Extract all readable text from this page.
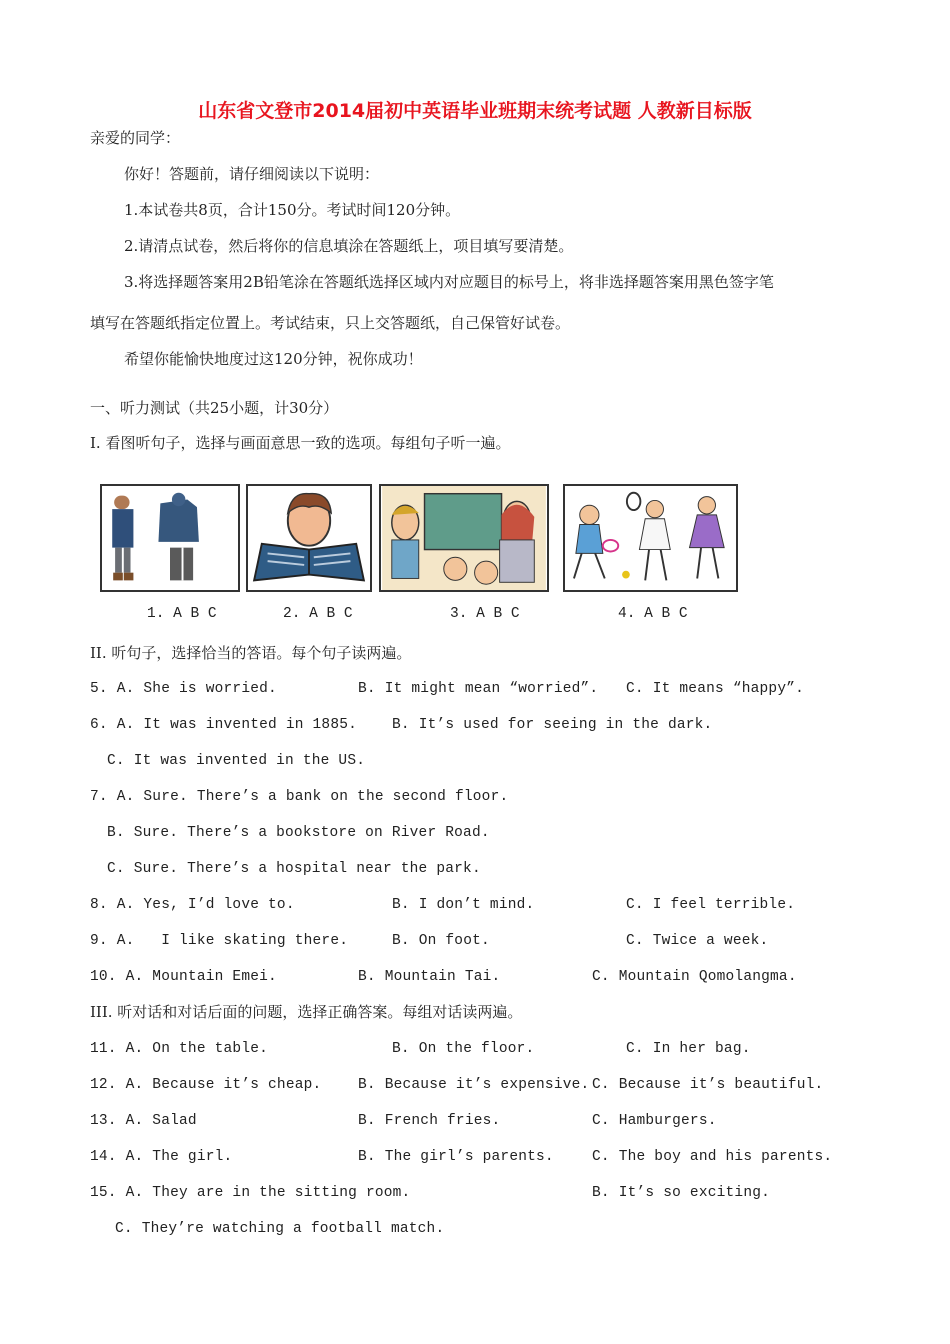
山东省文登市2014届初中英语毕业班期末统考试题 人教新目标版
亲爱的同学：
你好！答题前，请仔细阅读以下说明：
1.本试卷共8页，合计150分。考试时间120分钟。
2.请清点试卷，然后将你的信息填涂在答题纸上，项目填写要清楚。
3.将选择题答案用2B铅笔涂在答题纸选择区域内对应题目的标号上，将非选择题答案用黑色签字笔
填写在答题纸指定位置上。考试结束，只上交答题纸，自己保管好试卷。
希望你能愉快地度过这120分钟，祝你成功！
一、听力测试（共25小题，计30分）
I. 看图听句子，选择与画面意思一致的选项。每组句子听一遍。
1. A B C	2. A B C	3. A B C	4. A B C
II. 听句子，选择恰当的答语。每个句子读两遍。
5. A. She is worried.	B. It might mean “worried”. C. It means “happy”.
6. A. It was invented in 1885. B. It’s used for seeing in the dark.
C. It was invented in the US.
7. A. Sure. There’s a bank on the second floor.
B. Sure. There’s a bookstore on River Road.
C. Sure. There’s a hospital near the park.
8. A. Yes, I’d love to.	B. I don’t mind.	C. I feel terrible.
9. A.   I like skating there.	B. On foot.	C. Twice a week.
10. A. Mountain Emei.	B. Mountain Tai.	C. Mountain Qomolangma.
III. 听对话和对话后面的问题，选择正确答案。每组对话读两遍。
11. A. On the table.	B. On the floor.	C. In her bag.
12. A. Because it’s cheap.	B. Because it’s expensive. C. Because it’s beautiful.
13. A. Salad	B. French fries.	C. Hamburgers.
14. A. The girl.	B. The girl’s parents.	C. The boy and his parents.
15. A. They are in the sitting room.	B. It’s so exciting.
C. They’re watching a football match.
